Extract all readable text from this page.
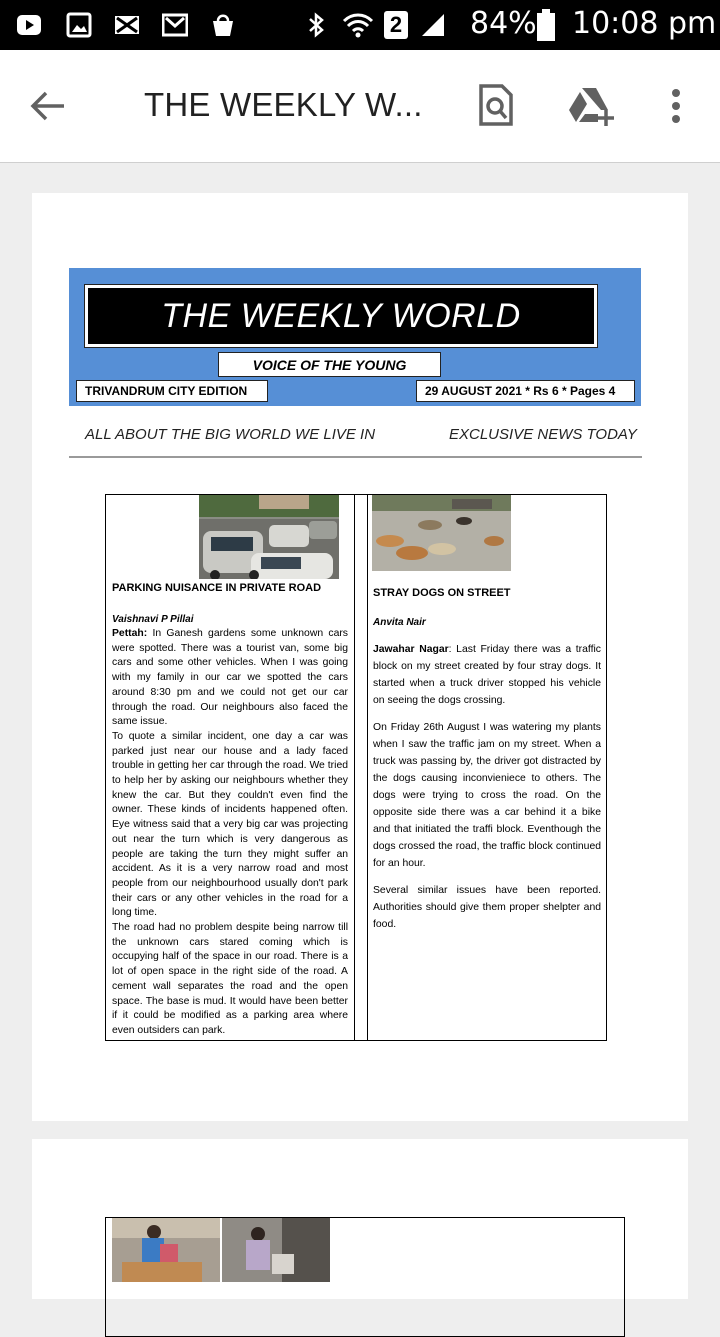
2 84% 10:08 pm
THE WEEKLY W...
THE WEEKLY WORLD
VOICE OF THE YOUNG
TRIVANDRUM CITY EDITION	29 AUGUST 2021 * Rs 6 * Pages 4
ALL ABOUT THE BIG WORLD WE LIVE IN	EXCLUSIVE NEWS TODAY
PARKING NUISANCE IN PRIVATE ROAD
Vaishnavi P Pillai

Pettah: In Ganesh gardens some unknown cars were spotted. There was a tourist van, some big cars and some other vehicles. When I was going with my family in our car we spotted the cars around 8:30 pm and we could not get our car through the road. Our neighbours also faced the same issue.

To quote a similar incident, one day a car was parked just near our house and a lady faced trouble in getting her car through the road. We tried to help her by asking our neighbours whether they knew the car. But they couldn't even find the owner. These kinds of incidents happened often. Eye witness said that a very big car was projecting out near the turn which is very dangerous as people are taking the turn they might suffer an accident. As it is a very narrow road and most people from our neighbourhood usually don't park their cars or any other vehicles in the road for a long time.

The road had no problem despite being narrow till the unknown cars stared coming which is occupying half of the space in our road. There is a lot of open space in the right side of the road. A cement wall separates the road and the open space. The base is mud. It would have been better if it could be modified as a parking area where even outsiders can park.

STRAY DOGS ON STREET
Anvita Nair

Jawahar Nagar: Last Friday there was a traffic block on my street created by four stray dogs. It started when a truck driver stopped his vehicle on seeing the dogs crossing.

On Friday 26th August I was watering my plants when I saw the traffic jam on my street. When a truck was passing by, the driver got distracted by the dogs causing inconvieniece to others. The dogs were trying to cross the road. On the opposite side there was a car behind it a bike and that initiated the traffi block. Eventhough the dogs crossed the road, the traffic block continued for an hour.

Several similar issues have been reported. Authorities should give them proper shelpter and food.
